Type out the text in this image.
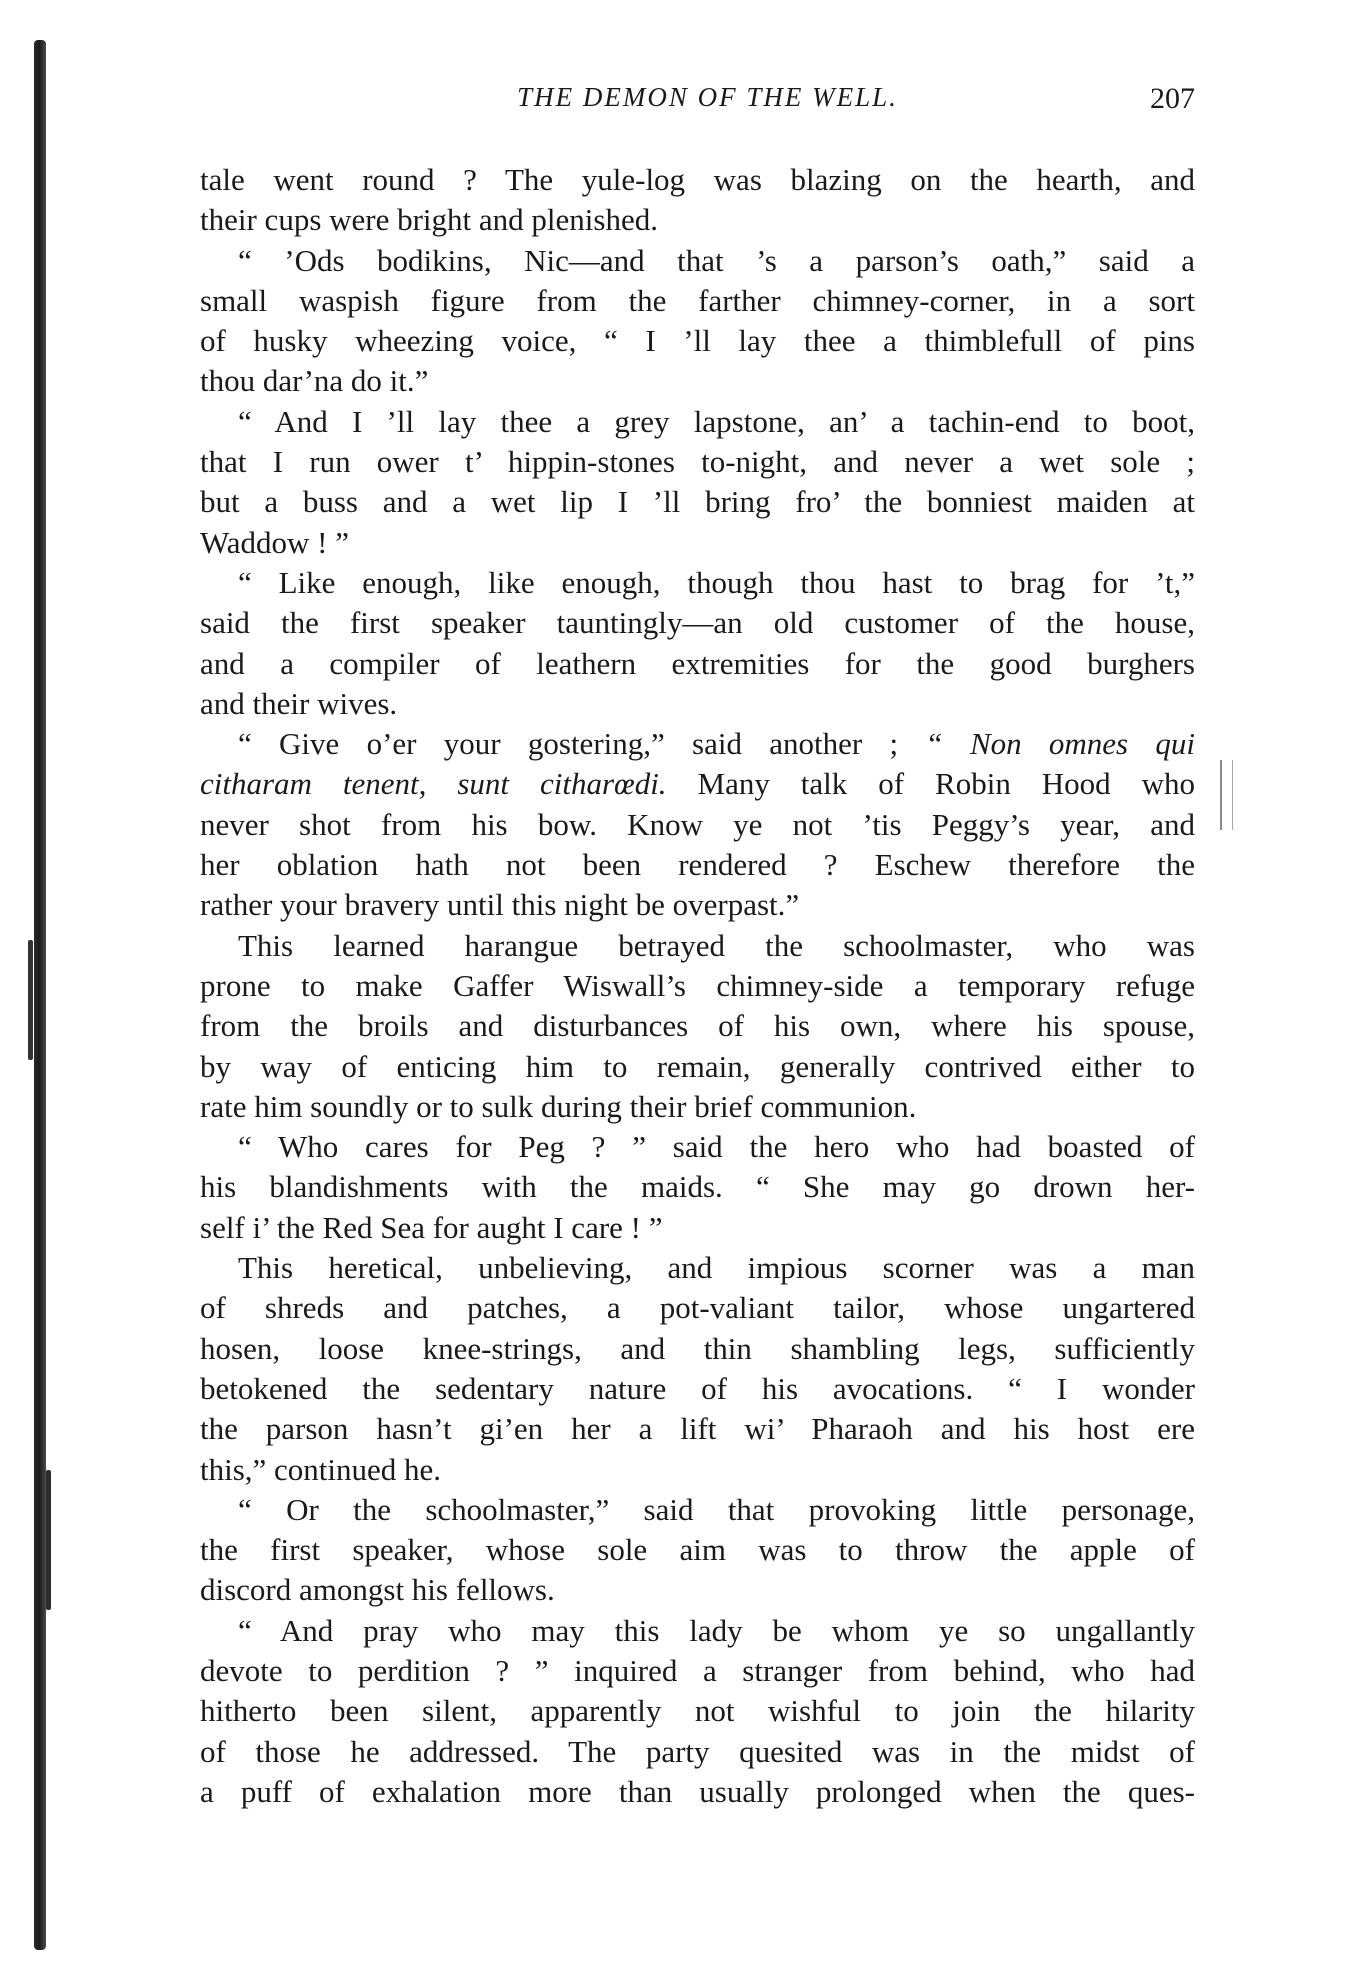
THE DEMON OF THE WELL.	207
tale went round ? The yule-log was blazing on the hearth, and
their cups were bright and plenished.
“ ’Ods bodikins, Nic—and that ’s a parson’s oath,” said a
small waspish figure from the farther chimney-corner, in a sort
of husky wheezing voice, “ I ’ll lay thee a thimblefull of pins
thou dar’na do it.”
“ And I ’ll lay thee a grey lapstone, an’ a tachin-end to boot,
that I run ower t’ hippin-stones to-night, and never a wet sole ;
but a buss and a wet lip I ’ll bring fro’ the bonniest maiden at
Waddow ! ”
“ Like enough, like enough, though thou hast to brag for ’t,”
said the first speaker tauntingly—an old customer of the house,
and a compiler of leathern extremities for the good burghers
and their wives.
“ Give o’er your gostering,” said another ; “ Non omnes qui
citharam tenent, sunt citharœdi. Many talk of Robin Hood who
never shot from his bow. Know ye not ’tis Peggy’s year, and
her oblation hath not been rendered ? Eschew therefore the
rather your bravery until this night be overpast.”
This learned harangue betrayed the schoolmaster, who was
prone to make Gaffer Wiswall’s chimney-side a temporary refuge
from the broils and disturbances of his own, where his spouse,
by way of enticing him to remain, generally contrived either to
rate him soundly or to sulk during their brief communion.
“ Who cares for Peg ? ” said the hero who had boasted of
his blandishments with the maids. “ She may go drown her-
self i’ the Red Sea for aught I care ! ”
This heretical, unbelieving, and impious scorner was a man
of shreds and patches, a pot-valiant tailor, whose ungartered
hosen, loose knee-strings, and thin shambling legs, sufficiently
betokened the sedentary nature of his avocations. “ I wonder
the parson hasn’t gi’en her a lift wi’ Pharaoh and his host ere
this,” continued he.
“ Or the schoolmaster,” said that provoking little personage,
the first speaker, whose sole aim was to throw the apple of
discord amongst his fellows.
“ And pray who may this lady be whom ye so ungallantly
devote to perdition ? ” inquired a stranger from behind, who had
hitherto been silent, apparently not wishful to join the hilarity
of those he addressed. The party quesited was in the midst of
a puff of exhalation more than usually prolonged when the ques-
